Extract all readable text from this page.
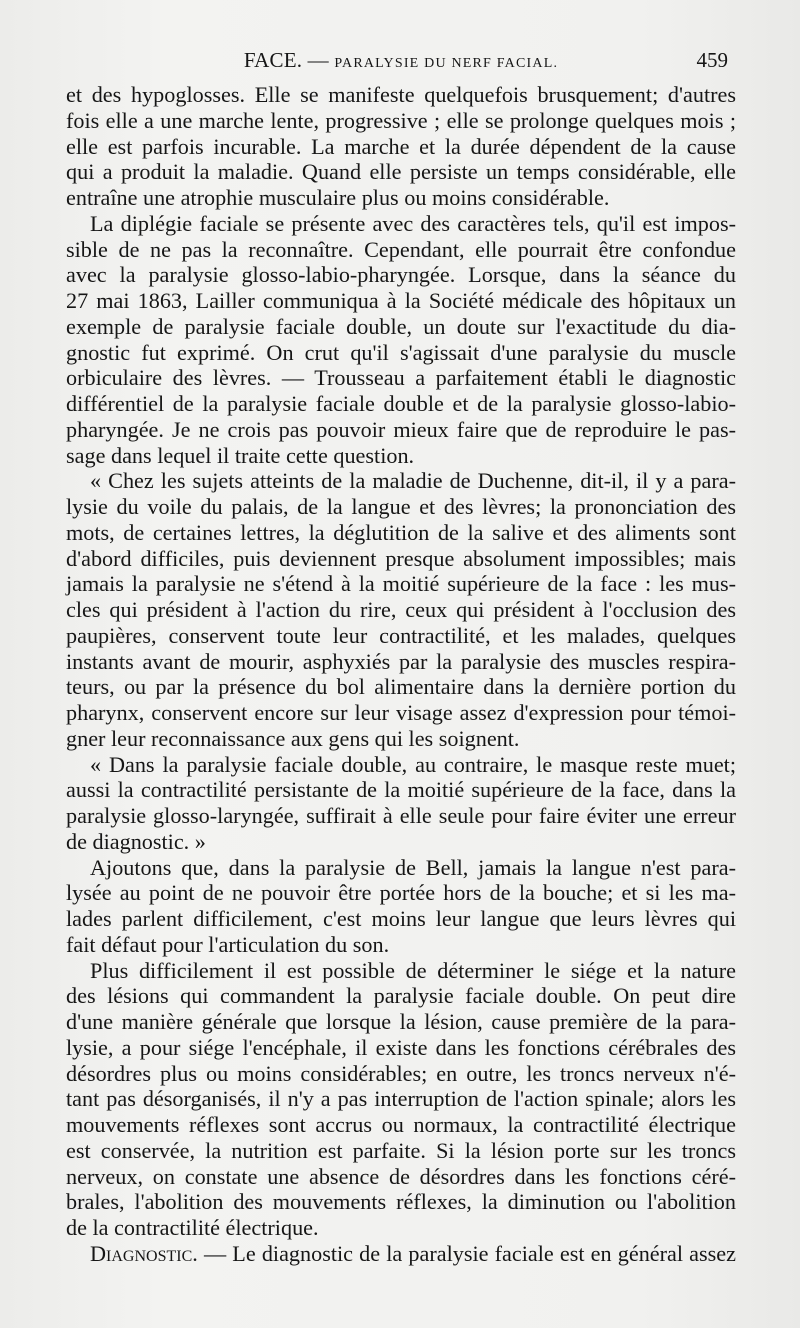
FACE. — PARALYSIE DU NERF FACIAL.	459
et des hypoglosses. Elle se manifeste quelquefois brusquement; d'autres
fois elle a une marche lente, progressive ; elle se prolonge quelques mois ;
elle est parfois incurable. La marche et la durée dépendent de la cause
qui a produit la maladie. Quand elle persiste un temps considérable, elle
entraîne une atrophie musculaire plus ou moins considérable.
La diplégie faciale se présente avec des caractères tels, qu'il est impos-
sible de ne pas la reconnaître. Cependant, elle pourrait être confondue
avec la paralysie glosso-labio-pharyngée. Lorsque, dans la séance du
27 mai 1863, Lailler communiqua à la Société médicale des hôpitaux un
exemple de paralysie faciale double, un doute sur l'exactitude du dia-
gnostic fut exprimé. On crut qu'il s'agissait d'une paralysie du muscle
orbiculaire des lèvres. — Trousseau a parfaitement établi le diagnostic
différentiel de la paralysie faciale double et de la paralysie glosso-labio-
pharyngée. Je ne crois pas pouvoir mieux faire que de reproduire le pas-
sage dans lequel il traite cette question.
« Chez les sujets atteints de la maladie de Duchenne, dit-il, il y a para-
lysie du voile du palais, de la langue et des lèvres; la prononciation des
mots, de certaines lettres, la déglutition de la salive et des aliments sont
d'abord difficiles, puis deviennent presque absolument impossibles; mais
jamais la paralysie ne s'étend à la moitié supérieure de la face : les mus-
cles qui président à l'action du rire, ceux qui président à l'occlusion des
paupières, conservent toute leur contractilité, et les malades, quelques
instants avant de mourir, asphyxiés par la paralysie des muscles respira-
teurs, ou par la présence du bol alimentaire dans la dernière portion du
pharynx, conservent encore sur leur visage assez d'expression pour témoi-
gner leur reconnaissance aux gens qui les soignent.
« Dans la paralysie faciale double, au contraire, le masque reste muet;
aussi la contractilité persistante de la moitié supérieure de la face, dans la
paralysie glosso-laryngée, suffirait à elle seule pour faire éviter une erreur
de diagnostic. »
Ajoutons que, dans la paralysie de Bell, jamais la langue n'est para-
lysée au point de ne pouvoir être portée hors de la bouche; et si les ma-
lades parlent difficilement, c'est moins leur langue que leurs lèvres qui
fait défaut pour l'articulation du son.
Plus difficilement il est possible de déterminer le siége et la nature
des lésions qui commandent la paralysie faciale double. On peut dire
d'une manière générale que lorsque la lésion, cause première de la para-
lysie, a pour siége l'encéphale, il existe dans les fonctions cérébrales des
désordres plus ou moins considérables; en outre, les troncs nerveux n'é-
tant pas désorganisés, il n'y a pas interruption de l'action spinale; alors les
mouvements réflexes sont accrus ou normaux, la contractilité électrique
est conservée, la nutrition est parfaite. Si la lésion porte sur les troncs
nerveux, on constate une absence de désordres dans les fonctions céré-
brales, l'abolition des mouvements réflexes, la diminution ou l'abolition
de la contractilité électrique.
Diagnostic. — Le diagnostic de la paralysie faciale est en général assez
